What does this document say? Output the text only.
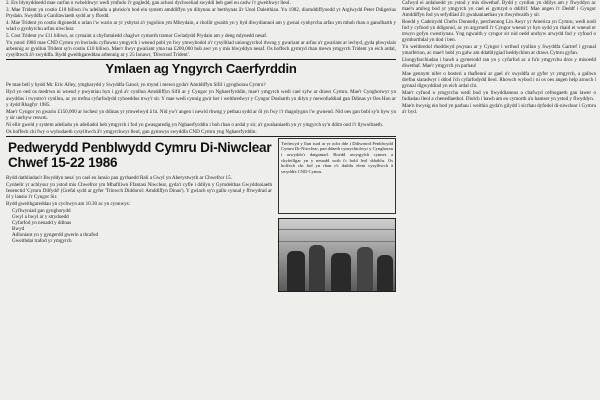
2. Ers blynyddoedd mae carfan o rwbeithwyr wedi ymfudo i'r gogledd, gan achosi dychweliad swyddi heb gael eu cadw i'r gweithwyr lleol.

3. Mae Trident yn costio £10 biliwn i'w adeiladu a phrisio'n bod ein system amddiffyn yn dibynnu ar berthynas â'r Unol Daleithiau. Yn 1982, diomddiffynodd yr Arglwydd Peter Ddigerius Prydain. Swyddfa a Ganllawiaeth sydd ar y ffordd.

4. Mae Trident yn costio digonedd o arian i'w wario ar yr ysbytai a'r ysgolion ym Mhrydain, a chollir gwaith yn y byd diwydiannol am y gwnai cynhyrchu arfau ym mhob rhan o ganolbarth y wlad o gynhyrchu arfau niwclear.

5. Cost Trident yw £11 biliwn, ac cymaint a chyfartaledd chaglwr cymorth tramor Gwladydd Prydain am y deng mlynedd nesaf.

Yn ystod 1986 mae CND Cymru yn bwriadu cyflawnu ymgyrch i wneud pobl yn fwy ymwybodol o'r cysylltiad uniongyrchol rhwng y gwariant ar arfau a'r gwariant ar iechyd, gyda phwyslais arbennig ar gynllun Trident sy'n costio £10 biliwn. Mae'r llwyr gwariant yma tua £200,000 bob awr yn y mis blwyddyn nesaf. Os hoffech gymryd rhan mewn ymgyrch Trident yn eich ardal, cysylltwch â'r swyddfa. Bydd gweithgareddau arbennig ar y 25 Ionawr, 'Diwrnod Trident'.

Ymlaen ag Yngyrch Caerfyrddin

Pe mae bell y bydd Mr. Eric Alley, ymgharydd y Swyddfa Ganol, yn mynd i mewn gyda'r Amddiffyn Sifil i gynghorau Cymru?

Hyd yn oed os medrwn ni wneud y pwyntiau hyn i gyd a'r cynllun Amddiffyn Sifil ar y Cyngor yn Nghaerfyrddin, mae'r ymgyrch wedi cael sylw ar draws Cymru. Mae'r Cynghorwyr yn awyddus i rwystro'r cynllun, ac yn trefnu cyfarfodydd cyhoeddus trwy'r sir. Y mae wedi cynnig gwir her i weithredwyr y Cyngor Dosbarth yn dilyn y mewnfuddiad gan Ddinas yr Oes Hon ar y 4ydd Rhagfyr 1985.

Mae'r Cyngor yn gwario £150,000 ar lochesi yn ddinas yr ymwelwyd â hi. Nid yw'r angen i newid rhwng y pethau sydd ar ôl yn fwy i'r rhagolygon i'w gwneud. Nid oes gan bobl sy'n byw yn y sir unrhyw reswm.

Ni ellir gweld y system adeiladu yn adeiladol heb ymgyrch i fod yn gwasgaredig yn Nghaerfyrddin i bob rhan o ardal y sir, a'r gwahaniaeth yn yr ymgyrch sy'n ddim ond i'r llywodraeth.

Os hoffech chi fwy o wybodaeth cysylltwch â'r ymgyrchwyr lleol, gan gynnwys swyddfa CND Cymru yng Nghaerfyrddin.

Pedwerydd Penblwydd Cymru Di-Niwclear
Chwef 15-22 1986

Bydd dathliadau'r Bwyddyn nesa' yn cael eu lansio pan gyrhaedd Rali a Gwyl yn Aberystwyth ar Chwefror 15.

Cynhelir yr achlysur yn ystod mis Chwefror ym Mhafiliwn Ffantasi Niwclear, gyda'r cyfle i ddilyn y Gymdeithas Gwyddoniaeth Ieuenctid 'Cymru Dilfydd' (Grefal sydd ar gyfer 'Trinwch Diddorol: Amddiffyn Dinas'). Y gwlach sy'n gallu cynnal y ffrwydrad ar ôl y lansio i'r Cyngor Sir.

Bydd gweithgareddau yn cychwyn am 10.30 ac yn cynnwys:

Cyflwyniad gan gynghorydd

Gwyl a hwyl ar y strydoedd

Cyfarfod yn neuadd y ddinas

Bwyd

Adloniant yn y gyngerdd gwerin a thrafod

Gweithdai trafod yr ymgyrch

Trefnwyd y llun isod ar yr ochr dde i Ddiwrnod Penblwydd Cymru Di-Niwclear, pan ddaeth cynrychiolwyr y Cynghorau i arwyddo'r datganiad. Roedd awyrgylch cynnes a chyfeillgar yn y neuadd wrth i'r bobl leol ddathlu. Os hoffech chi fod yn rhan o'r dathlu eleni cysylltwch â swyddfa CND Cymru.

Cafwyd ei ardaloedd yn ystod y mis diwethaf. Bydd y cynllun yn ddilys am y flwyddyn ac mae'n amlwg bod yr ymgyrch yn cael ei gymryd o ddifrif. Mae angen i'r Deddf i Gyngor Amddiffyn fod yn sefydliad â'r gwahaniaethau yn rhwydwaith y sir.

Roedd y Cadeirydd Chefrs Donnelly, perchennog Lin Awyr yr America yn Cymru, wedi nodi fod y cyfnod yn ddigonol, ac yn argymell i'r Cyngor wneud yr hyn sydd yn rhaid ei wneud er mwyn gofyn cwestiynau. Yng ngwaith y cyngor sir nid oedd unrhyw arwydd fod y cyfnod o gymhorthdal yn dod i ben.

Yn weithredol rhoddwyd pwysau ar y Cyngor i wrthod cynllun y Swyddfa Gartref i gynnal ymarferion, ac mae'r bobl yn galw am ddatblygiad heddychlon ar draws Cymru gyfan.

Llongyfarchiadau i bawb a gymerodd ran yn y cyfarfod ac a fu'n ymgyrchu dros y misoedd diwethaf. Mae'r ymgyrch yn parhau!

Mae gennym nifer o bosteri a thaflenni ar gael o'r swyddfa ar gyfer yr ymgyrch, a gallwn drefnu siaradwyr i ddod i'ch cyfarfodydd lleol. Rhowch wybod i ni os oes angen help arnoch i gynnal digwyddiad yn eich ardal chi.

Mae'r cyfnod o ymgyrchu wedi bod yn llwyddiannus a chafwyd cefnogaeth gan lawer o fudiadau lleol a chenedlaethol. Diolch i bawb am eu cymorth a'u hamser yn ystod y flwyddyn.

Mae'n bwysig ein bod yn parhau i weithio gyda'n gilydd i sicrhau dyfodol di-niwclear i Gymru a'r byd.
